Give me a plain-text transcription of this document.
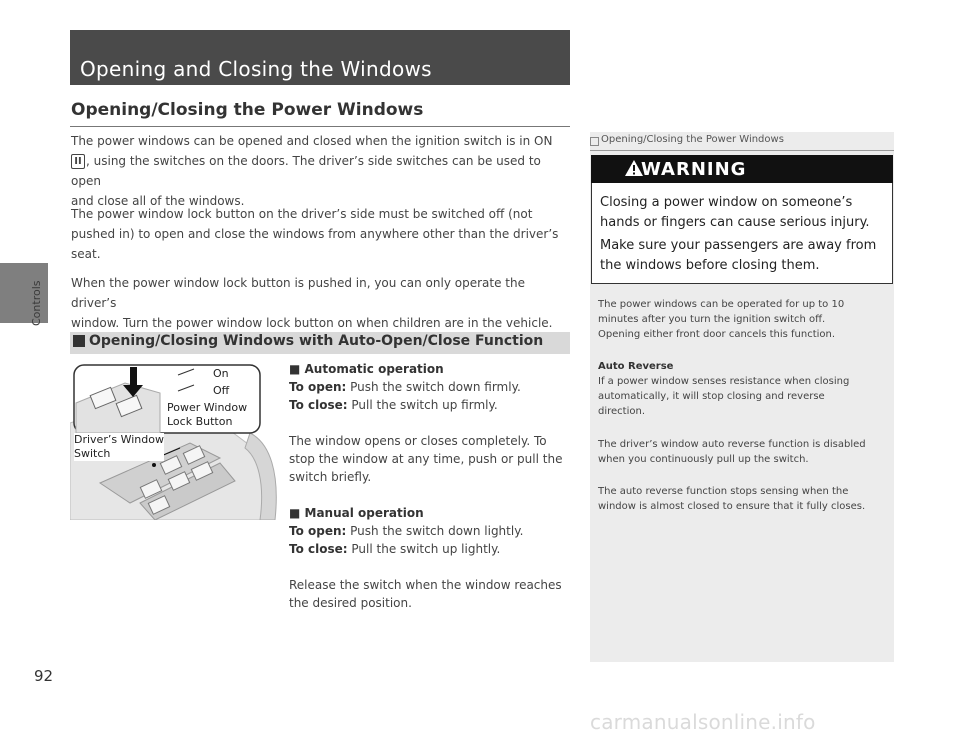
Controls
92
carmanualsonline.info
Opening and Closing the Windows
Opening/Closing the Power Windows
The power windows can be opened and closed when the ignition switch is in ON
II , using the switches on the doors. The driver’s side switches can be used to open
and close all of the windows.
The power window lock button on the driver’s side must be switched off (not
pushed in) to open and close the windows from anywhere other than the driver’s
seat.
When the power window lock button is pushed in, you can only operate the driver’s
window. Turn the power window lock button on when children are in the vehicle.
Opening/Closing Windows with Auto-Open/Close Function
On
Off
Power Window
Lock Button
Driver’s Window
Switch
■ Automatic operation
To open: Push the switch down firmly.
To close: Pull the switch up firmly.
The window opens or closes completely. To
stop the window at any time, push or pull the
switch briefly.
■ Manual operation
To open: Push the switch down lightly.
To close: Pull the switch up lightly.
Release the switch when the window reaches
the desired position.
Opening/Closing the Power Windows
WARNING
Closing a power window on someone’s
hands or fingers can cause serious injury.
Make sure your passengers are away from
the windows before closing them.
The power windows can be operated for up to 10
minutes after you turn the ignition switch off.
Opening either front door cancels this function.
Auto Reverse
If a power window senses resistance when closing
automatically, it will stop closing and reverse
direction.
The driver’s window auto reverse function is disabled
when you continuously pull up the switch.
The auto reverse function stops sensing when the
window is almost closed to ensure that it fully closes.
